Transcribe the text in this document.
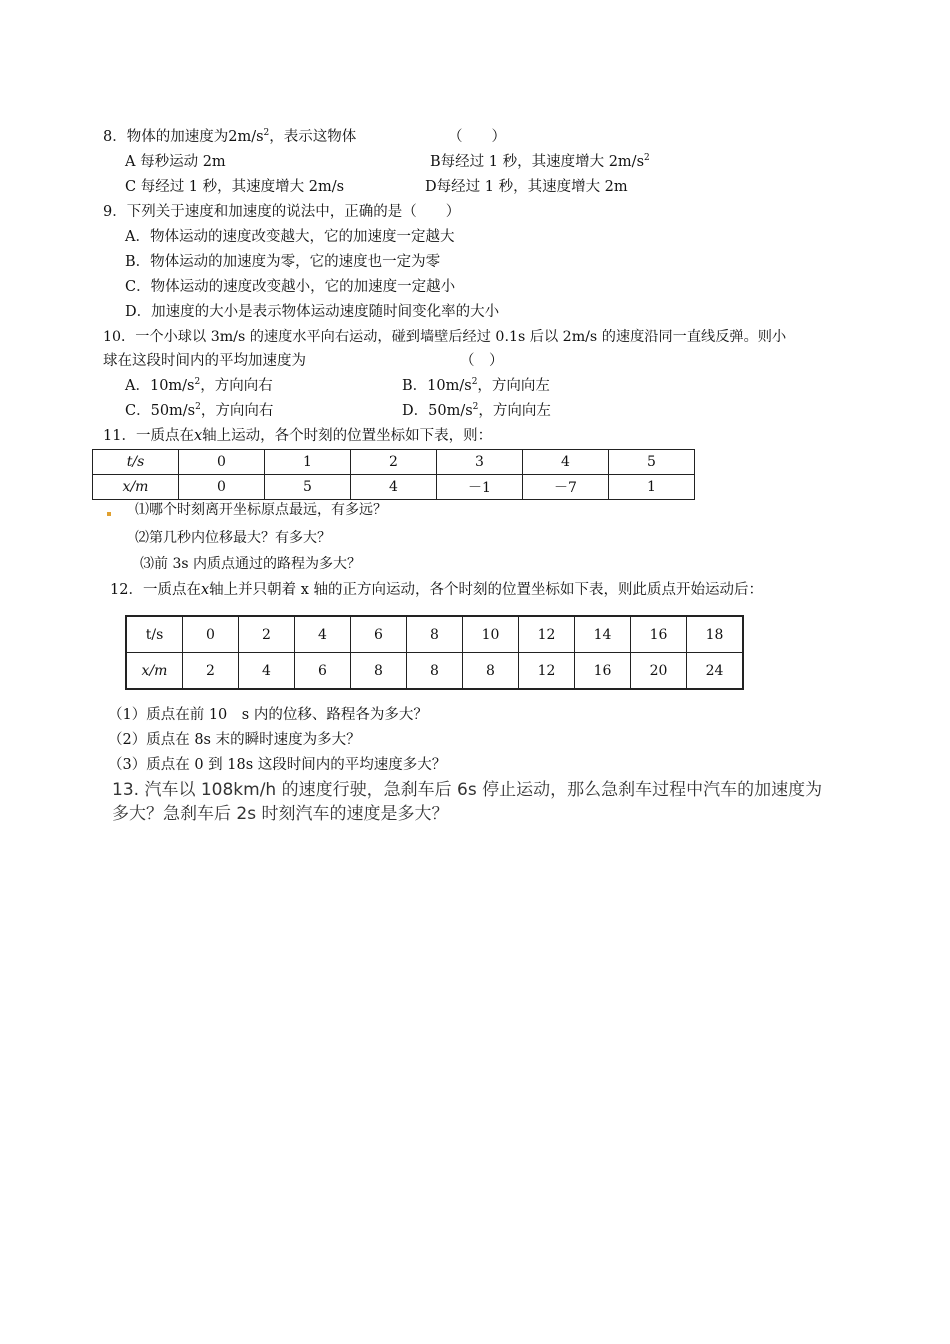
8．物体的加速度为$2m/s^2$，表示这物体	（　　）
A 每秒运动 2m	B每经过 1 秒，其速度增大 $2m/s^2$
C 每经过 1 秒，其速度增大 2m/s	D每经过 1 秒，其速度增大 2m
9．下列关于速度和加速度的说法中，正确的是（　　）
A．物体运动的速度改变越大，它的加速度一定越大
B．物体运动的加速度为零，它的速度也一定为零
C．物体运动的速度改变越小，它的加速度一定越小
D．加速度的大小是表示物体运动速度随时间变化率的大小
10．一个小球以 3m/s 的速度水平向右运动，碰到墙壁后经过 0.1s 后以 2m/s 的速度沿同一直线反弹。则小
球在这段时间内的平均加速度为	（　）
A．$10m/s^2$，方向向右	B．$10m/s^2$，方向向左
C．$50m/s^2$，方向向右	D．$50m/s^2$，方向向左
11．一质点在x轴上运动，各个时刻的位置坐标如下表，则：
t/s	0	1	2	3	4	5
x/m	0	5	4	－1	－7	1
⑴哪个时刻离开坐标原点最远，有多远？
⑵第几秒内位移最大？有多大？
⑶前 3s 内质点通过的路程为多大？
12．一质点在x轴上并只朝着 x 轴的正方向运动，各个时刻的位置坐标如下表，则此质点开始运动后：
t/s	0	2	4	6	8	10	12	14	16	18
x/m	2	4	6	8	8	8	12	16	20	24
（1）质点在前 10　s 内的位移、路程各为多大？
（2）质点在 8s 末的瞬时速度为多大？
（3）质点在 0 到 18s 这段时间内的平均速度多大？
13. 汽车以 108km/h 的速度行驶，急刹车后 6s 停止运动，那么急刹车过程中汽车的加速度为
多大？急刹车后 2s 时刻汽车的速度是多大？
